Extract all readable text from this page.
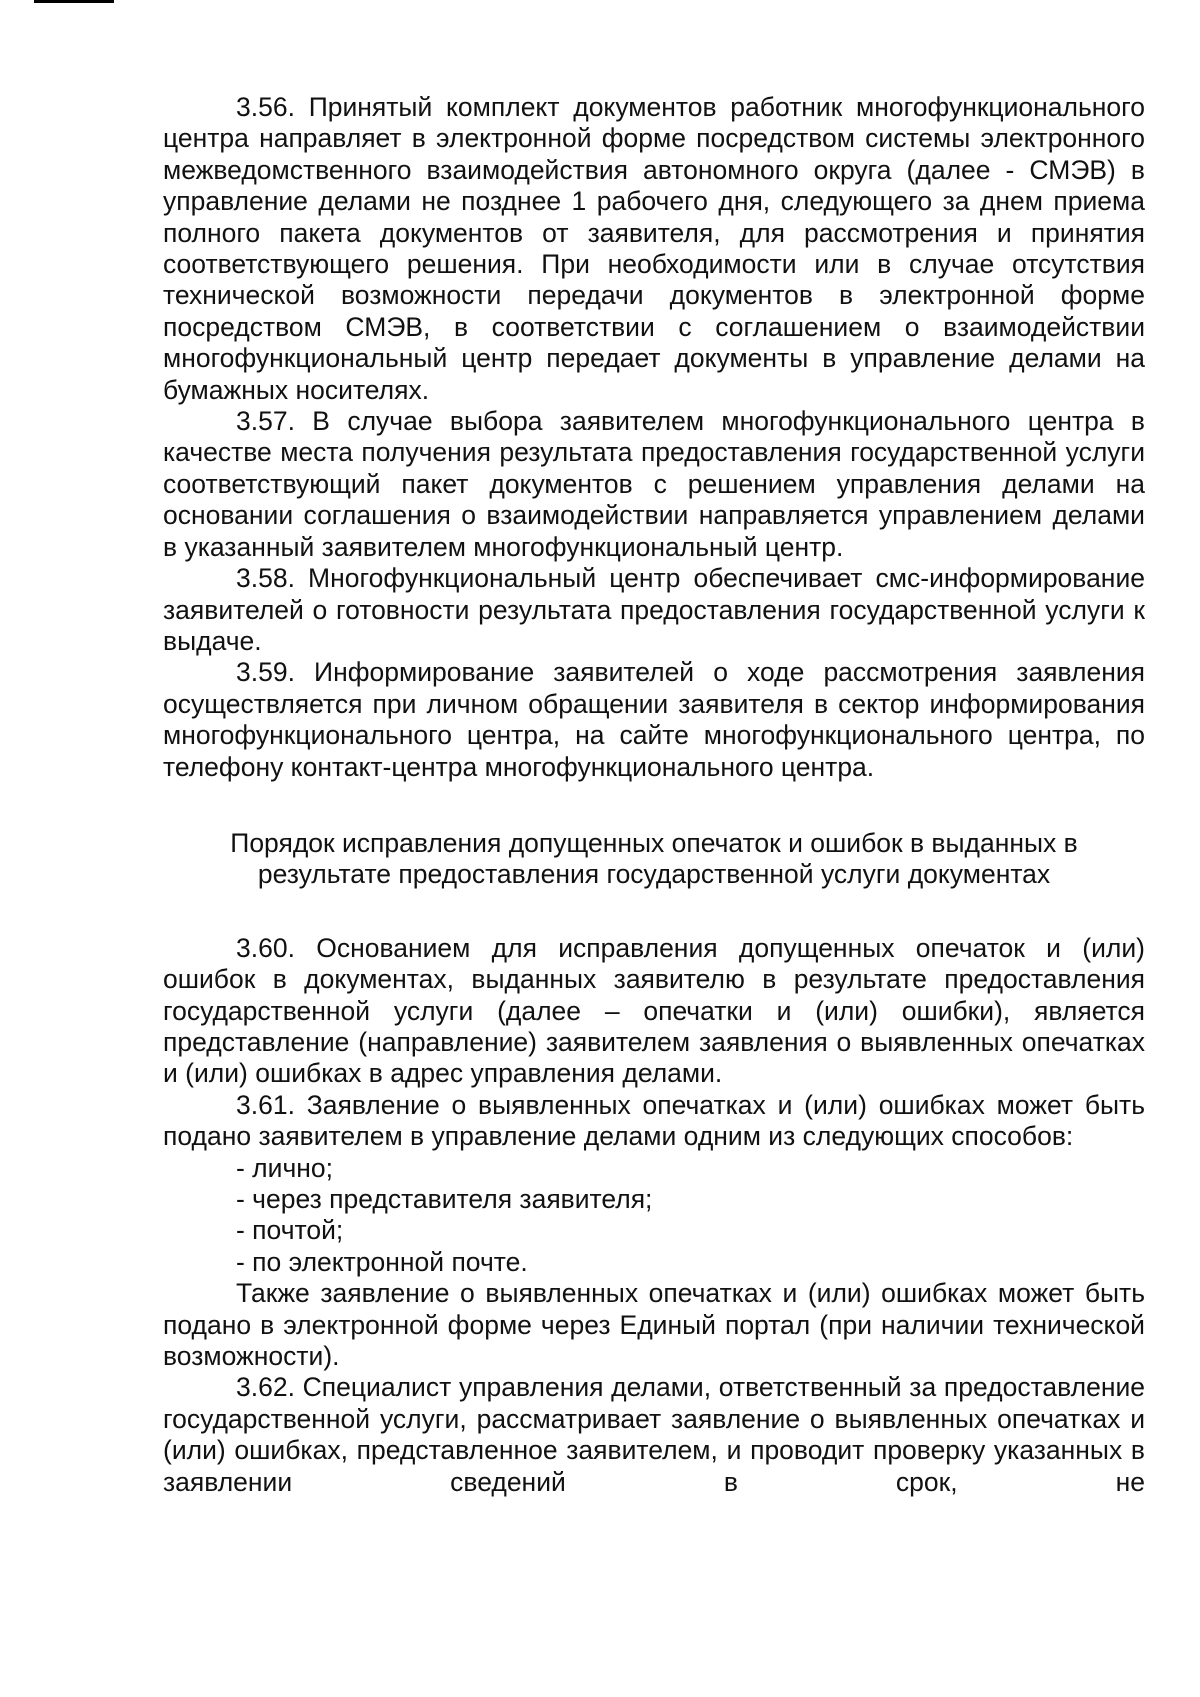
3.56. Принятый комплект документов работник многофункционального центра направляет в электронной форме посредством системы электронного межведомственного взаимодействия автономного округа (далее - СМЭВ) в управление делами не позднее 1 рабочего дня, следующего за днем приема полного пакета документов от заявителя, для рассмотрения и принятия соответствующего решения. При необходимости или в случае отсутствия технической возможности передачи документов в электронной форме посредством СМЭВ, в соответствии с соглашением о взаимодействии многофункциональный центр передает документы в управление делами на бумажных носителях.

3.57. В случае выбора заявителем многофункционального центра в качестве места получения результата предоставления государственной услуги соответствующий пакет документов с решением управления делами на основании соглашения о взаимодействии направляется управлением делами в указанный заявителем многофункциональный центр.

3.58. Многофункциональный центр обеспечивает смс-информирование заявителей о готовности результата предоставления государственной услуги к выдаче.

3.59. Информирование заявителей о ходе рассмотрения заявления осуществляется при личном обращении заявителя в сектор информирования многофункционального центра, на сайте многофункционального центра, по телефону контакт-центра многофункционального центра.

Порядок исправления допущенных опечаток и ошибок в выданных в результате предоставления государственной услуги документах

3.60. Основанием для исправления допущенных опечаток и (или) ошибок в документах, выданных заявителю в результате предоставления государственной услуги (далее – опечатки и (или) ошибки), является представление (направление) заявителем заявления о выявленных опечатках и (или) ошибках в адрес управления делами.

3.61. Заявление о выявленных опечатках и (или) ошибках может быть подано заявителем в управление делами одним из следующих способов:

- лично;

- через представителя заявителя;

- почтой;

- по электронной почте.

Также заявление о выявленных опечатках и (или) ошибках может быть подано в электронной форме через Единый портал (при наличии технической возможности).

3.62. Специалист управления делами, ответственный за предоставление государственной услуги, рассматривает заявление о выявленных опечатках и (или) ошибках, представленное заявителем, и проводит проверку указанных в заявлении сведений в срок, не
